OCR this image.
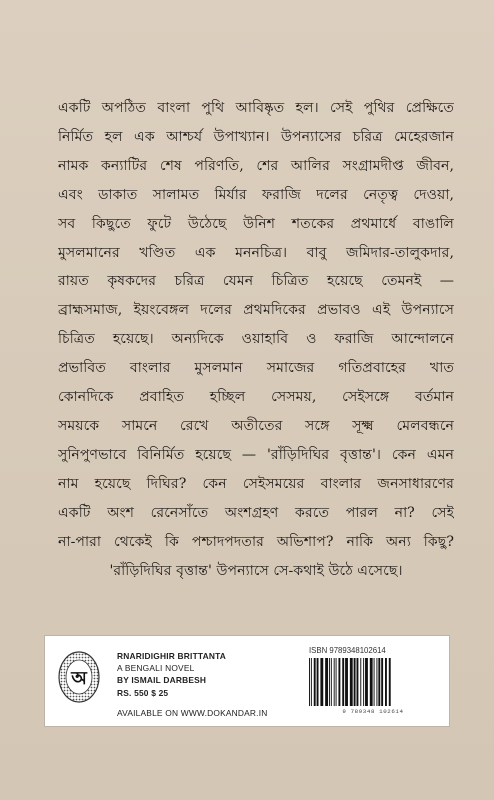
একটি অপঠিত বাংলা পুথি আবিষ্কৃত হল। সেই পুথির প্রেক্ষিতে
নির্মিত হল এক আশ্চর্য উপাখ্যান। উপন্যাসের চরিত্র মেহেরজান
নামক কন্যাটির শেষ পরিণতি, শের আলির সংগ্রামদীপ্ত জীবন,
এবং ডাকাত সালামত মির্যার ফরাজি দলের নেতৃত্ব দেওয়া,
সব কিছুতে ফুটে উঠেছে উনিশ শতকের প্রথমার্ধে বাঙালি
মুসলমানের খণ্ডিত এক মননচিত্র। বাবু জমিদার-তালুকদার,
রায়ত কৃষকদের চরিত্র যেমন চিত্রিত হয়েছে তেমনই —
ব্রাহ্মসমাজ, ইয়ংবেঙ্গল দলের প্রথমদিকের প্রভাবও এই উপন্যাসে
চিত্রিত হয়েছে। অন্যদিকে ওয়াহাবি ও ফরাজি আন্দোলনে
প্রভাবিত বাংলার মুসলমান সমাজের গতিপ্রবাহের খাত
কোনদিকে প্রবাহিত হচ্ছিল সেসময়, সেইসঙ্গে বর্তমান
সময়কে সামনে রেখে অতীতের সঙ্গে সূক্ষ্ম মেলবন্ধনে
সুনিপুণভাবে বিনির্মিত হয়েছে — 'রাঁড়িদিঘির বৃত্তান্ত'। কেন এমন
নাম হয়েছে দিঘির? কেন সেইসময়ের বাংলার জনসাধারণের
একটি অংশ রেনেসাঁতে অংশগ্রহণ করতে পারল না? সেই
না-পারা থেকেই কি পশ্চাদপদতার অভিশাপ? নাকি অন্য কিছু?
'রাঁড়িদিঘির বৃত্তান্ত' উপন্যাসে সে-কথাই উঠে এসেছে।
অ
RNARIDIGHIR BRITTANTA
A BENGALI NOVEL
BY ISMAIL DARBESH
RS. 550 $ 25
AVAILABLE ON WWW.DOKANDAR.IN
ISBN 9789348102614
9 789348 102614
